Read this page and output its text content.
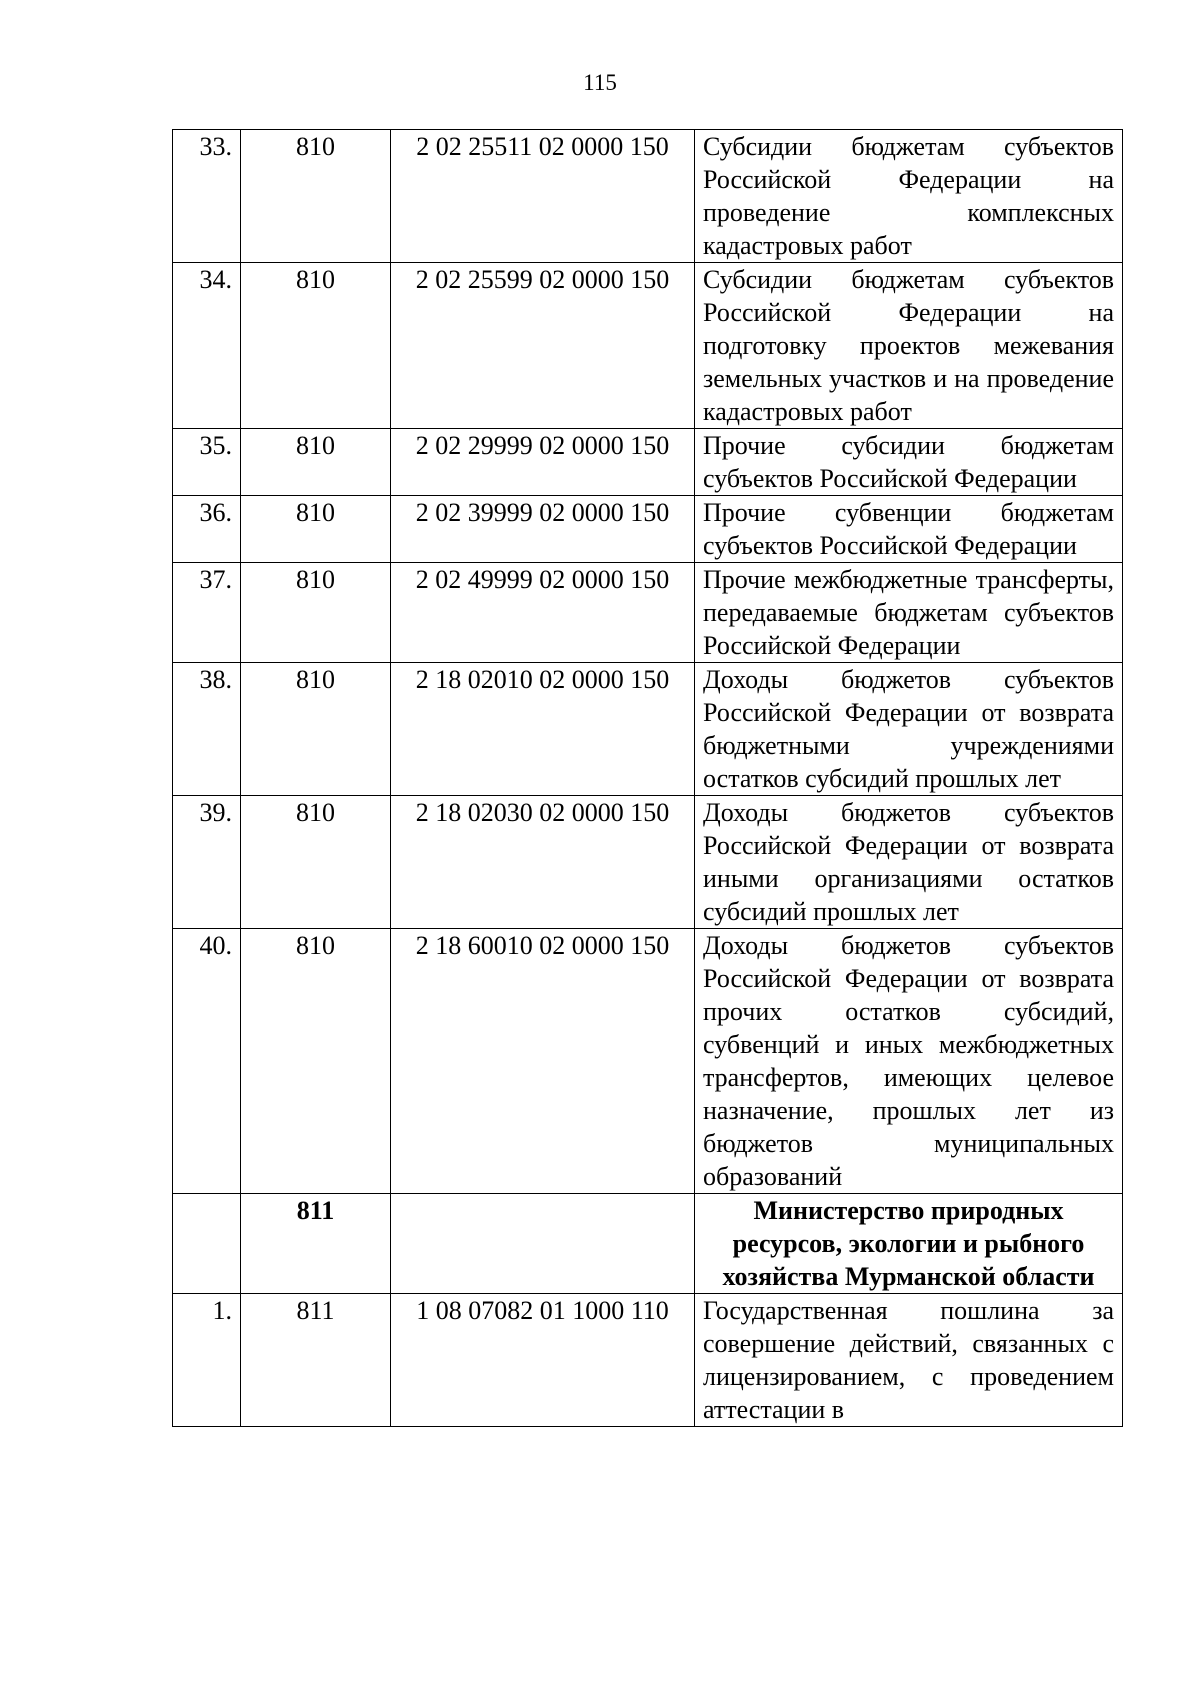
115
33.	810	2 02 25511 02 0000 150	Субсидии бюджетам субъектов Российской Федерации на проведение комплексных кадастровых работ
34.	810	2 02 25599 02 0000 150	Субсидии бюджетам субъектов Российской Федерации на подготовку проектов межевания земельных участков и на проведение кадастровых работ
35.	810	2 02 29999 02 0000 150	Прочие субсидии бюджетам субъектов Российской Федерации
36.	810	2 02 39999 02 0000 150	Прочие субвенции бюджетам субъектов Российской Федерации
37.	810	2 02 49999 02 0000 150	Прочие межбюджетные трансферты, передаваемые бюджетам субъектов Российской Федерации
38.	810	2 18 02010 02 0000 150	Доходы бюджетов субъектов Российской Федерации от возврата бюджетными учреждениями остатков субсидий прошлых лет
39.	810	2 18 02030 02 0000 150	Доходы бюджетов субъектов Российской Федерации от возврата иными организациями остатков субсидий прошлых лет
40.	810	2 18 60010 02 0000 150	Доходы бюджетов субъектов Российской Федерации от возврата прочих остатков субсидий, субвенций и иных межбюджетных трансфертов, имеющих целевое назначение, прошлых лет из бюджетов муниципальных образований
	811		Министерство природных ресурсов, экологии и рыбного хозяйства Мурманской области
1.	811	1 08 07082 01 1000 110	Государственная пошлина за совершение действий, связанных с лицензированием, с проведением аттестации в
